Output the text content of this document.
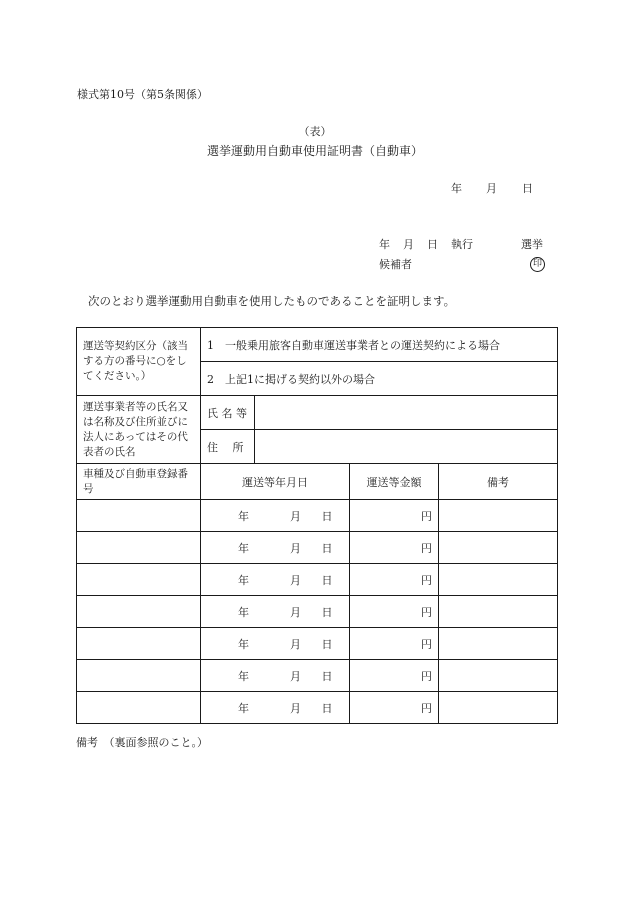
様式第10号（第5条関係）
（表）
選挙運動用自動車使用証明書（自動車）
年 月 日
年 月 日 執行	選挙
候補者	印
次のとおり選挙運動用自動車を使用したものであることを証明します。
運送等契約区分（該当する方の番号に○をしてください。）	1　一般乗用旅客自動車運送事業者との運送契約による場合			
	2　上記1に掲げる契約以外の場合			
運送事業者等の氏名又は名称及び住所並びに法人にあってはその代表者の氏名	氏 名 等			
	住　 所			
車種及び自動車登録番号	運送等年月日		運送等金額	備考
	年 月 日		円	
	年 月 日		円	
	年 月 日		円	
	年 月 日		円	
	年 月 日		円	
	年 月 日		円	
	年 月 日		円	
備考　（裏面参照のこと。）
